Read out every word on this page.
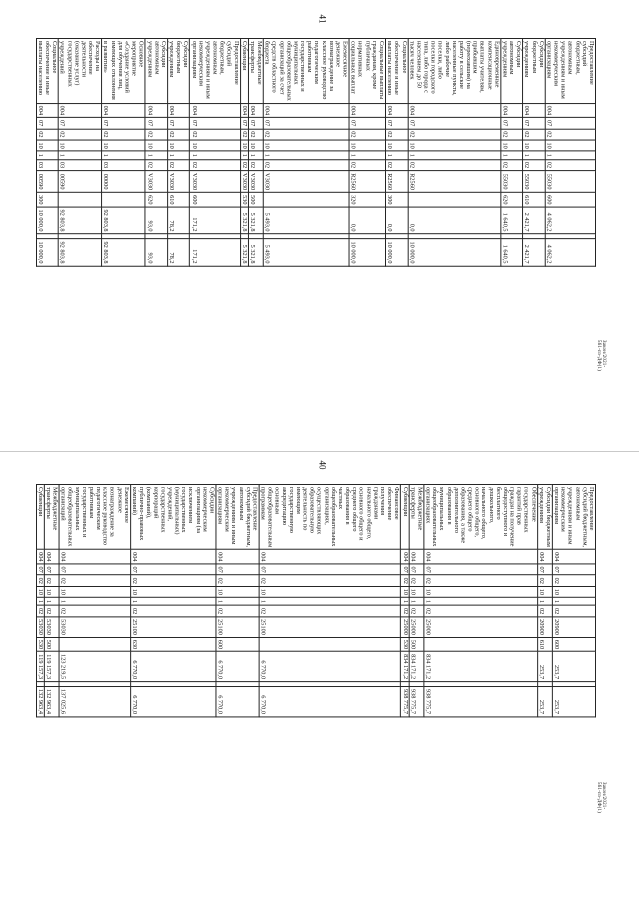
41
Закон/2021-561-пз-ДФ(1)
Предоставление субсидий бюджетным, автономным учреждениям и иным некоммерческим организациям	004	07	02	10	1	02	55030	600	4 062,2		4 062,2
Субсидии бюджетным учреждениям	004	07	02	10	1	02	55030	610	2 421,7		2 421,7
Субсидии автономным учреждениям	004	07	02	10	1	02	55030	620	1 640,5		1 640,5
Единовременные компенсационные выплаты учителям, прибывшим (переехавшим) на работу в сельские населенные пункты, либо рабочие поселки, либо поселки городского типа, либо города с населением до 50 тысяч человек	004	07	02	10	1	02	R2560		0,0		10 000,0
Социальное обеспечение и иные выплаты населению	004	07	02	10	1	02	R2560	300	0,0		10 000,0
Социальные выплаты гражданам, кроме публичных нормативных социальных выплат	004	07	02	10	1	02	R2560	320	0,0		10 000,0
Ежемесячное денежное вознаграждение за классное руководство педагогическим работникам государственных и муниципальных общеобразовательных организаций за счет средств областного бюджета	004	07	02	10	1	02	V3030		5 493,0		5 493,0
Межбюджетные трансферты	004	07	02	10	1	02	V3030	500	5 321,8		5 321,8
Субвенции	004	07	02	10	1	02	V3030	530	5 321,8		5 321,8
Предоставление субсидий бюджетным, автономным учреждениям и иным некоммерческим организациям	004	07	02	10	1	02	V3030	600	171,2		171,2
Субсидии бюджетным учреждениям	004	07	02	10	1	02	V3030	610	78,2		78,2
Субсидии автономным учреждениям	004	07	02	10	1	02	V3030	620	93,0		93,0
Основное мероприятие «Создание условий для обучения лиц, имеющих отклонения в развитии»	004	07	02	10	1	03	00000		92 803,8		92 803,8
Расходы на обеспечение деятельности (оказание услуг) государственных учреждений	004	07	02	10	1	03	00590		92 803,8		92 803,8
Социальное обеспечение и иные выплаты населению	004	07	02	10	1	03	00590	300	10 000,0		10 000,0
40
Закон/2021-561-пз-ДФ(1)
Предоставление субсидий бюджетным, автономным учреждениям и иным некоммерческим организациям	004	07	02	10	1	02	20900	600	253,7		253,7
Субсидии бюджетным учреждениям	004	07	02	10	1	02	20900	610	253,7		253,7
Обеспечение государственных гарантий прав граждан на получение общедоступного и бесплатного дошкольного, начального общего, основного общего, среднего общего образования, а также дополнительного образования в муниципальных общеобразовательных организациях	004	07	02	10	1	02	25000		834 171,2		938 775,7
Межбюджетные трансферты	004	07	02	10	1	02	25000	500	834 171,2		938 775,7
Субвенции	004	07	02	10	1	02	25000	530	834 171,2		938 775,7
Финансовое обеспечение получения гражданами начального общего, основного общего и среднего общего образования в частных общеобразовательных организациях, осуществляющих образовательную деятельность по имеющим государственную аккредитацию основным общеобразовательным программам	004	07	02	10	1	02	25100		6 770,0		6 770,0
Предоставление субсидий бюджетным, автономным учреждениям и иным некоммерческим организациям	004	07	02	10	1	02	25100	600	6 770,0		6 770,0
Субсидии некоммерческим организациям (за исключением государственных (муниципальных) учреждений, государственных корпораций (компаний), публично-правовых компаний)	004	07	02	10	1	02	25100	630	6 770,0		6 770,0
Ежемесячное денежное вознаграждение за классное руководство педагогическим работникам государственных и муниципальных общеобразовательных организаций	004	07	02	10	1	02	53030		123 219,5		137 025,6
Межбюджетные трансферты	004	07	02	10	1	02	53030	500	119 157,3		132 963,4
Субвенции	004	07	02	10	1	02	53030	530	119 157,3		132 963,4
